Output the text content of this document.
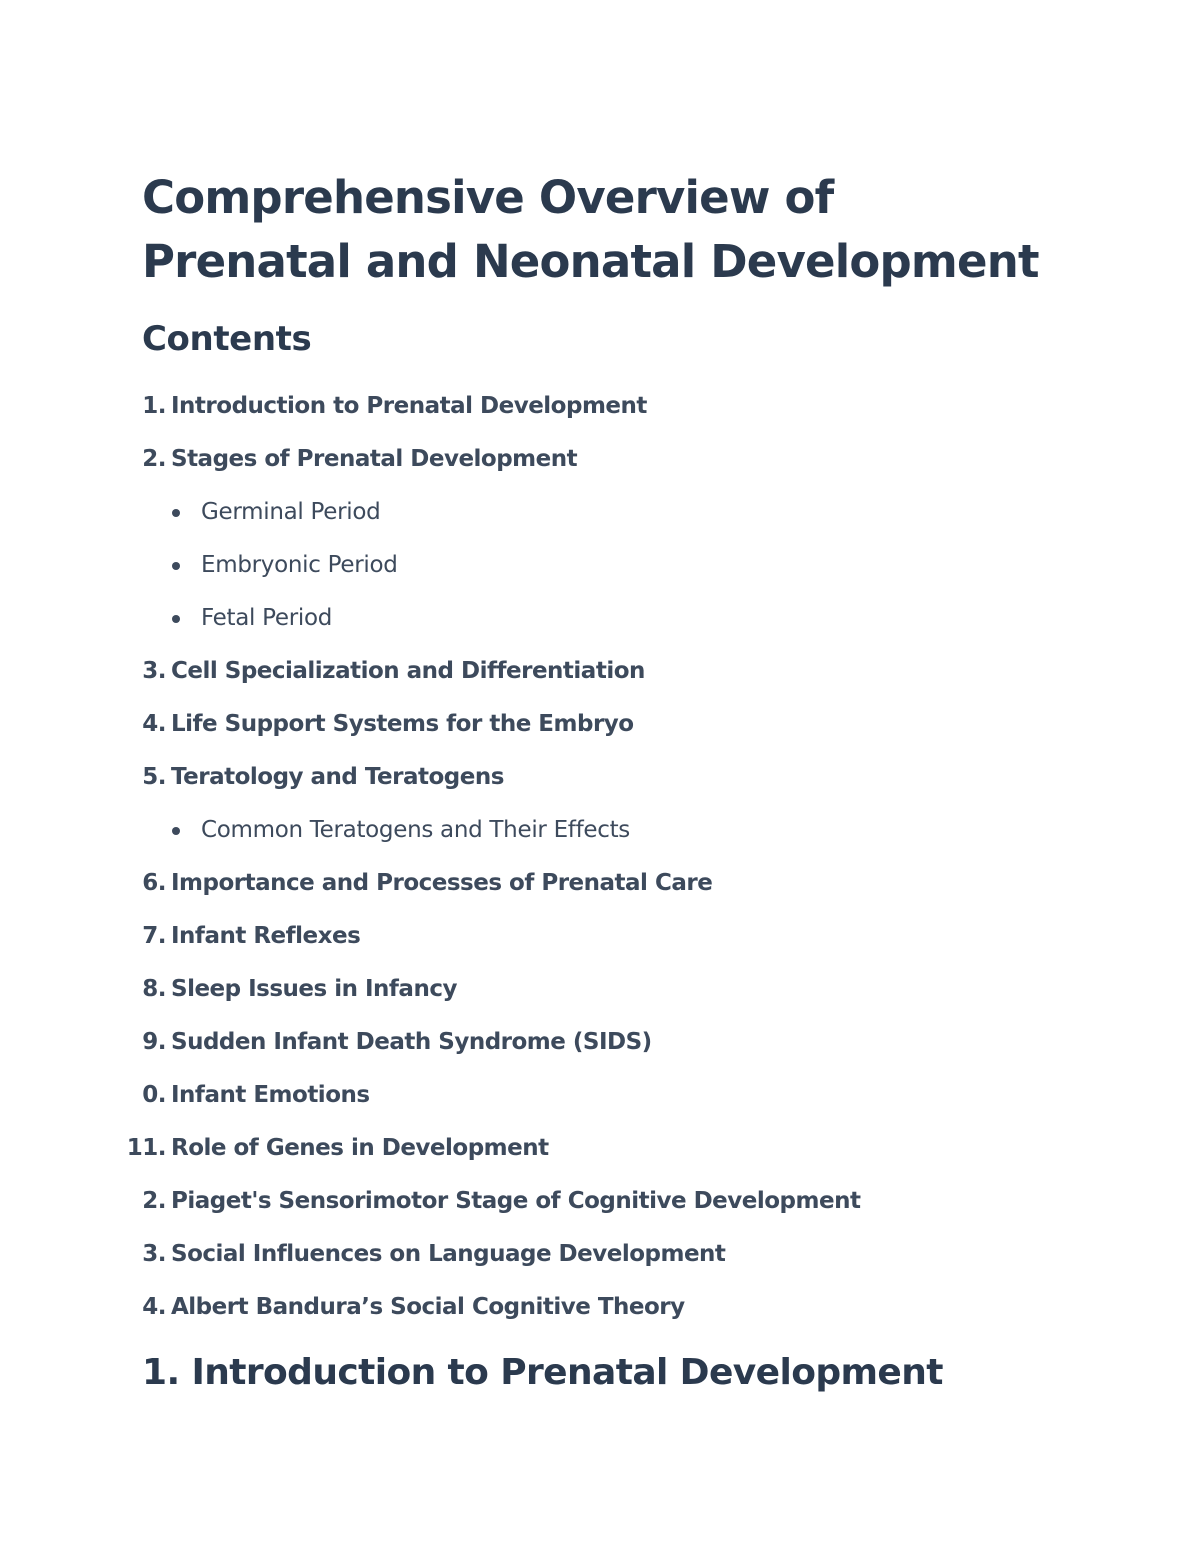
Comprehensive Overview of Prenatal and Neonatal Development
Contents
1. Introduction to Prenatal Development
2. Stages of Prenatal Development
Germinal Period
Embryonic Period
Fetal Period
3. Cell Specialization and Differentiation
4. Life Support Systems for the Embryo
5. Teratology and Teratogens
Common Teratogens and Their Effects
6. Importance and Processes of Prenatal Care
7. Infant Reflexes
8. Sleep Issues in Infancy
9. Sudden Infant Death Syndrome (SIDS)
0. Infant Emotions
11. Role of Genes in Development
2. Piaget's Sensorimotor Stage of Cognitive Development
3. Social Influences on Language Development
4. Albert Bandura’s Social Cognitive Theory
1. Introduction to Prenatal Development
